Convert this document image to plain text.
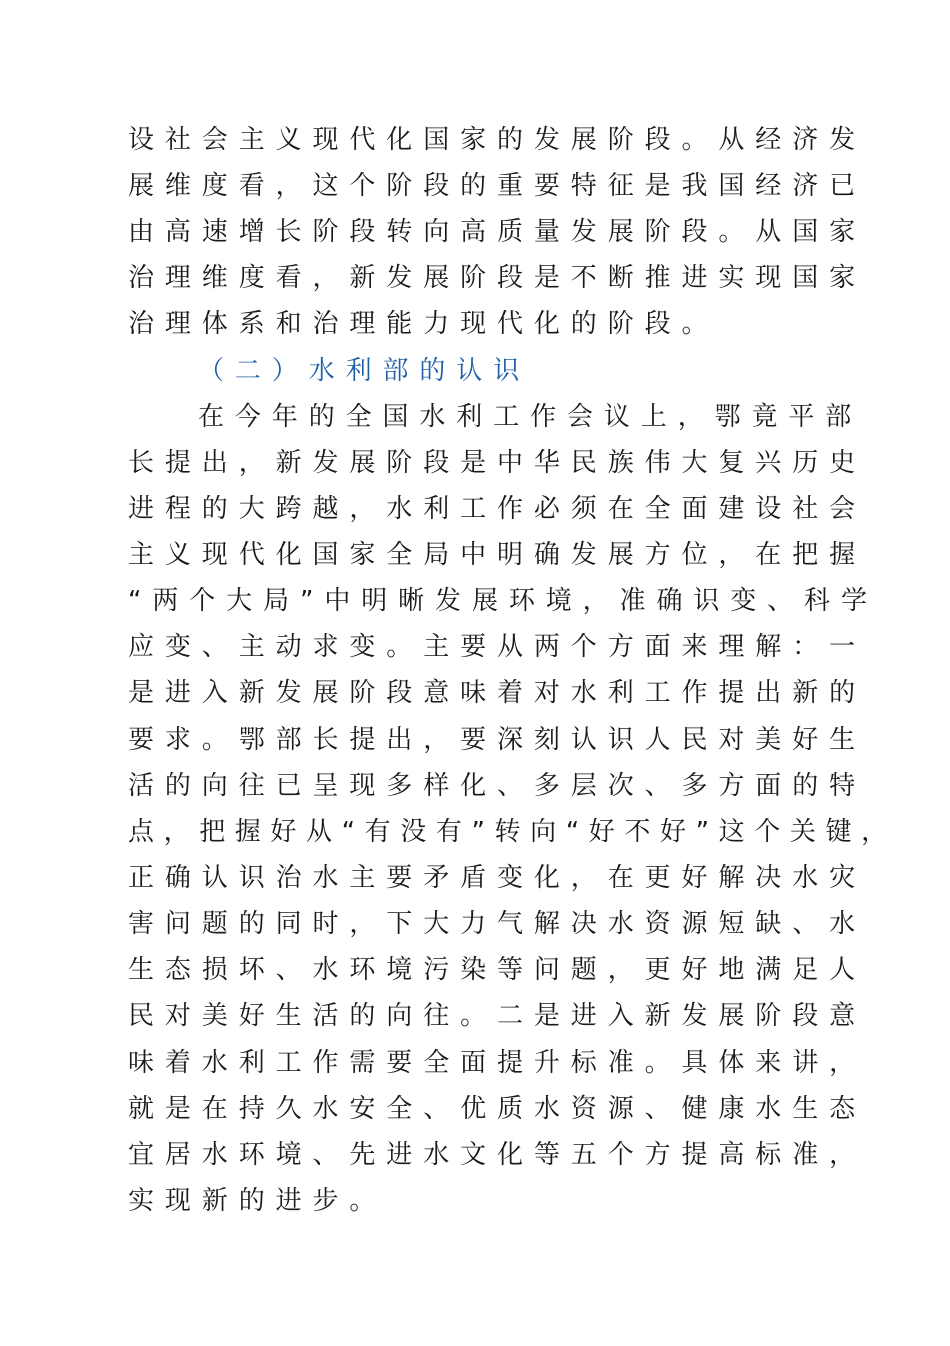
设社会主义现代化国家的发展阶段。从经济发
展维度看，这个阶段的重要特征是我国经济已
由高速增长阶段转向高质量发展阶段。从国家
治理维度看，新发展阶段是不断推进实现国家
治理体系和治理能力现代化的阶段。
（二）水利部的认识
在今年的全国水利工作会议上，鄂竟平部
长提出，新发展阶段是中华民族伟大复兴历史
进程的大跨越，水利工作必须在全面建设社会
主义现代化国家全局中明确发展方位，在把握
“两个大局”中明晰发展环境，准确识变、科学
应变、主动求变。主要从两个方面来理解：一
是进入新发展阶段意味着对水利工作提出新的
要求。鄂部长提出，要深刻认识人民对美好生
活的向往已呈现多样化、多层次、多方面的特
点，把握好从“有没有”转向“好不好”这个关键，
正确认识治水主要矛盾变化，在更好解决水灾
害问题的同时，下大力气解决水资源短缺、水
生态损坏、水环境污染等问题，更好地满足人
民对美好生活的向往。二是进入新发展阶段意
味着水利工作需要全面提升标准。具体来讲，
就是在持久水安全、优质水资源、健康水生态
宜居水环境、先进水文化等五个方提高标准，
实现新的进步。
